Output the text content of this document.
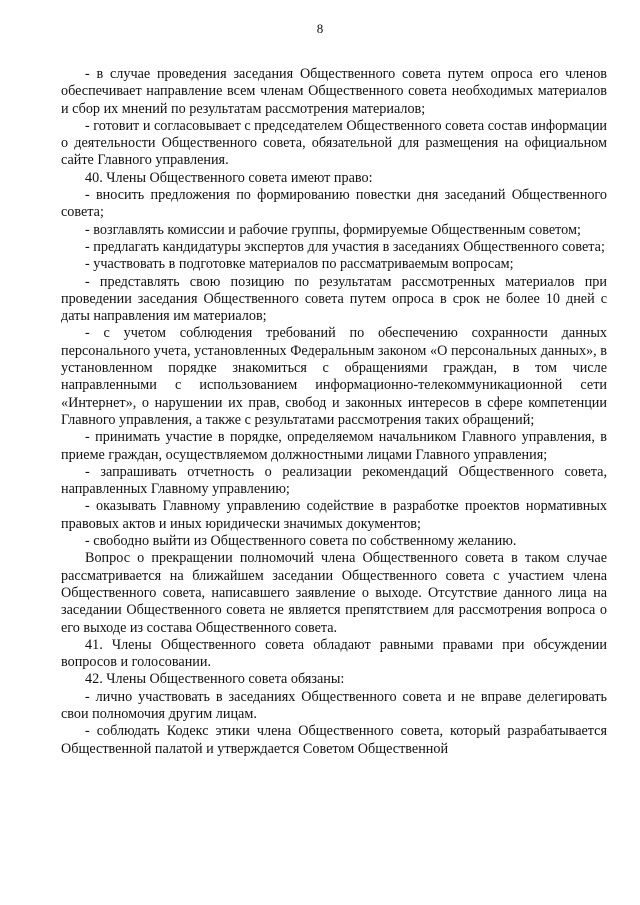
8

- в случае проведения заседания Общественного совета путем опроса его членов обеспечивает направление всем членам Общественного совета необходимых материалов и сбор их мнений по результатам рассмотрения материалов;

- готовит и согласовывает с председателем Общественного совета состав информации о деятельности Общественного совета, обязательной для размещения на официальном сайте Главного управления.

40. Члены Общественного совета имеют право:

- вносить предложения по формированию повестки дня заседаний Общественного совета;

- возглавлять комиссии и рабочие группы, формируемые Общественным советом;

- предлагать кандидатуры экспертов для участия в заседаниях Общественного совета;

- участвовать в подготовке материалов по рассматриваемым вопросам;

- представлять свою позицию по результатам рассмотренных материалов при проведении заседания Общественного совета путем опроса в срок не более 10 дней с даты направления им материалов;

- с учетом соблюдения требований по обеспечению сохранности данных персонального учета, установленных Федеральным законом «О персональных данных», в установленном порядке знакомиться с обращениями граждан, в том числе направленными с использованием информационно-телекоммуникационной сети «Интернет», о нарушении их прав, свобод и законных интересов в сфере компетенции Главного управления, а также с результатами рассмотрения таких обращений;

- принимать участие в порядке, определяемом начальником Главного управления, в приеме граждан, осуществляемом должностными лицами Главного управления;

- запрашивать отчетность о реализации рекомендаций Общественного совета, направленных Главному управлению;

- оказывать Главному управлению содействие в разработке проектов нормативных правовых актов и иных юридически значимых документов;

- свободно выйти из Общественного совета по собственному желанию.

Вопрос о прекращении полномочий члена Общественного совета в таком случае рассматривается на ближайшем заседании Общественного совета с участием члена Общественного совета, написавшего заявление о выходе. Отсутствие данного лица на заседании Общественного совета не является препятствием для рассмотрения вопроса о его выходе из состава Общественного совета.

41. Члены Общественного совета обладают равными правами при обсуждении вопросов и голосовании.

42. Члены Общественного совета обязаны:

- лично участвовать в заседаниях Общественного совета и не вправе делегировать свои полномочия другим лицам.

- соблюдать Кодекс этики члена Общественного совета, который разрабатывается Общественной палатой и утверждается Советом Общественной
